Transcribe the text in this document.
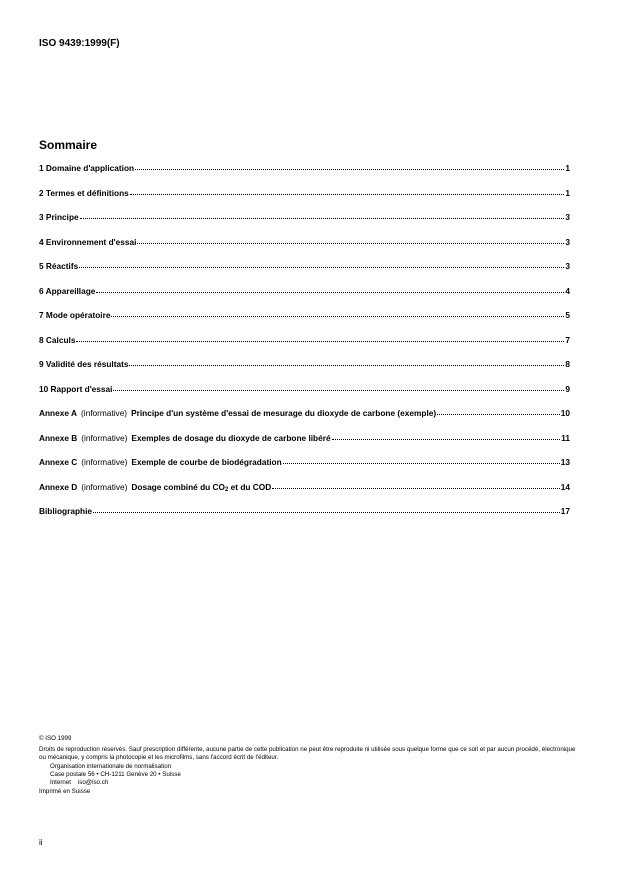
ISO 9439:1999(F)
Sommaire
1 Domaine d'application	1
2 Termes et définitions	1
3 Principe	3
4 Environnement d'essai	3
5 Réactifs	3
6 Appareillage	4
7 Mode opératoire	5
8 Calculs	7
9 Validité des résultats	8
10 Rapport d'essai	9
Annexe A (informative) Principe d'un système d'essai de mesurage du dioxyde de carbone (exemple)	10
Annexe B (informative) Exemples de dosage du dioxyde de carbone libéré	11
Annexe C (informative) Exemple de courbe de biodégradation	13
Annexe D (informative) Dosage combiné du $CO_2$ et du COD	14
Bibliographie	17
© ISO 1999
Droits de reproduction réservés. Sauf prescription différente, aucune partie de cette publication ne peut être reproduite ni utilisée sous quelque forme que ce soit et par aucun procédé, électronique ou mécanique, y compris la photocopie et les microfilms, sans l'accord écrit de l'éditeur.
Organisation internationale de normalisation
Case postale 56 • CH-1211 Genève 20 • Suisse
Internet iso@iso.ch
Imprimé en Suisse
ii
